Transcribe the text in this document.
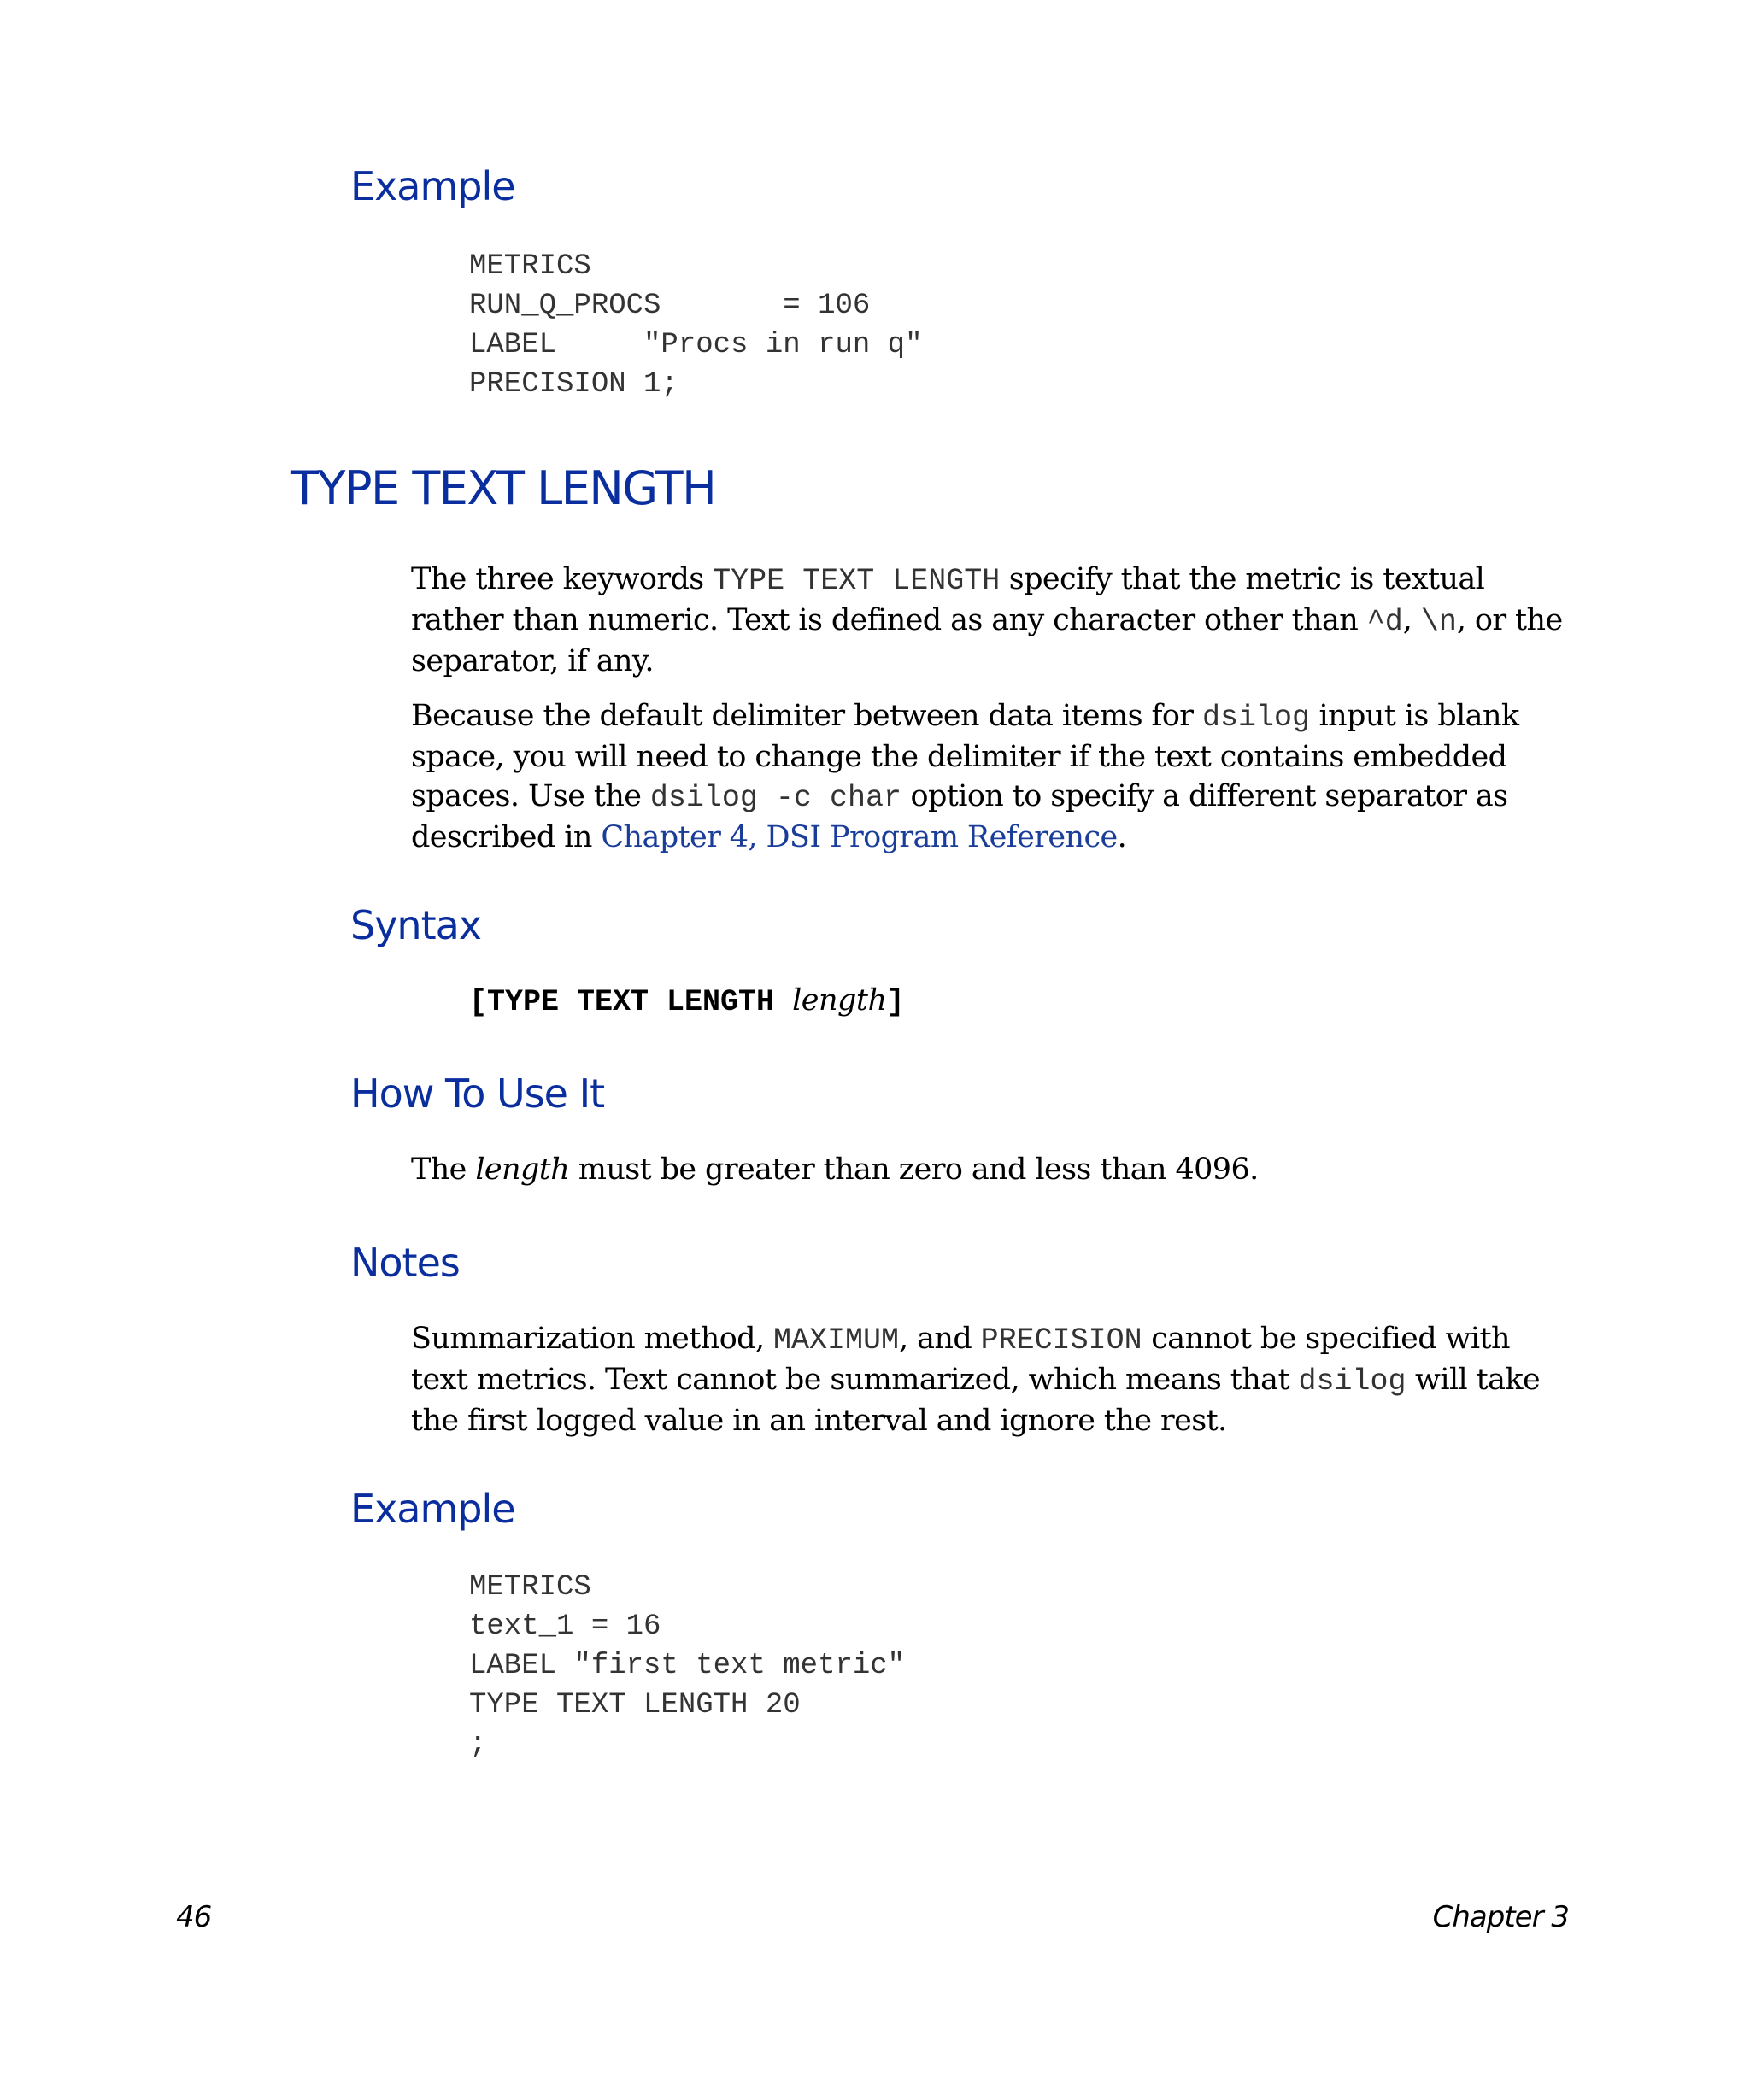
Example
METRICS
RUN_Q_PROCS       = 106
LABEL     "Procs in run q"
PRECISION 1;
TYPE TEXT LENGTH
The three keywords TYPE TEXT LENGTH specify that the metric is textual
rather than numeric. Text is defined as any character other than ^d, \n, or the
separator, if any.
Because the default delimiter between data items for dsilog input is blank
space, you will need to change the delimiter if the text contains embedded
spaces. Use the dsilog -c char option to specify a different separator as
described in Chapter 4, DSI Program Reference.
Syntax
[TYPE TEXT LENGTH length]
How To Use It
The length must be greater than zero and less than 4096.
Notes
Summarization method, MAXIMUM, and PRECISION cannot be specified with
text metrics. Text cannot be summarized, which means that dsilog will take
the first logged value in an interval and ignore the rest.
Example
METRICS
text_1 = 16
LABEL "first text metric"
TYPE TEXT LENGTH 20
;
46	Chapter 3
